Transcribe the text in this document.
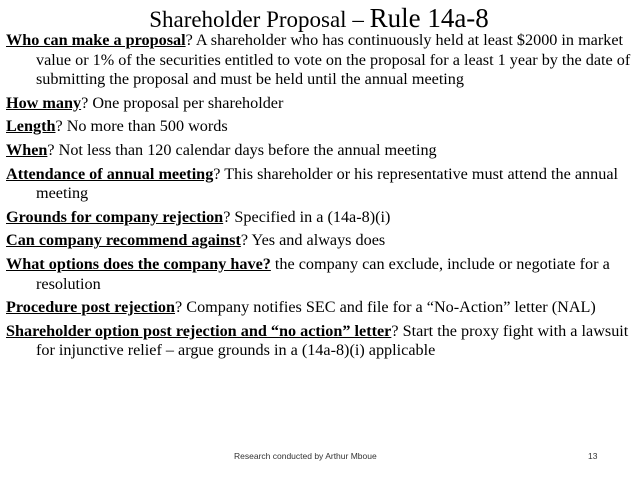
Shareholder Proposal – Rule 14a-8

Who can make a proposal? A shareholder who has continuously held at least $2000 in market value or 1% of the securities entitled to vote on the proposal for a least 1 year by the date of submitting the proposal and must be held until the annual meeting

How many? One proposal per shareholder

Length? No more than 500 words

When? Not less than 120 calendar days before the annual meeting

Attendance of annual meeting? This shareholder or his representative must attend the annual meeting

Grounds for company rejection? Specified in a (14a-8)(i)

Can company recommend against? Yes and always does

What options does the company have? the company can exclude, include or negotiate for a resolution

Procedure post rejection? Company notifies SEC and file for a “No-Action” letter (NAL)

Shareholder option post rejection and “no action” letter? Start the proxy fight with a lawsuit for injunctive relief – argue grounds in a (14a-8)(i) applicable

Research conducted by Arthur Mboue	13
